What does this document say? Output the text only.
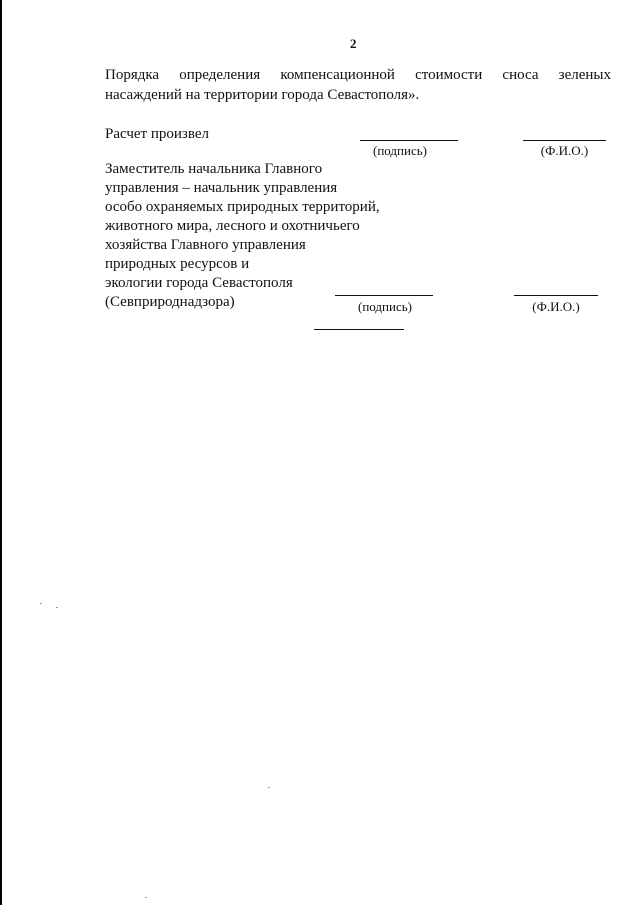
2
Порядка определения компенсационной стоимости сноса зеленых
насаждений на территории города Севастополя».
Расчет произвел
(подпись)	(Ф.И.О.)
Заместитель начальника Главного
управления – начальник управления
особо охраняемых природных территорий,
животного мира, лесного и охотничьего
хозяйства Главного управления
природных ресурсов и
экологии города Севастополя
(Севприроднадзора)	(подпись)	(Ф.И.О.)
